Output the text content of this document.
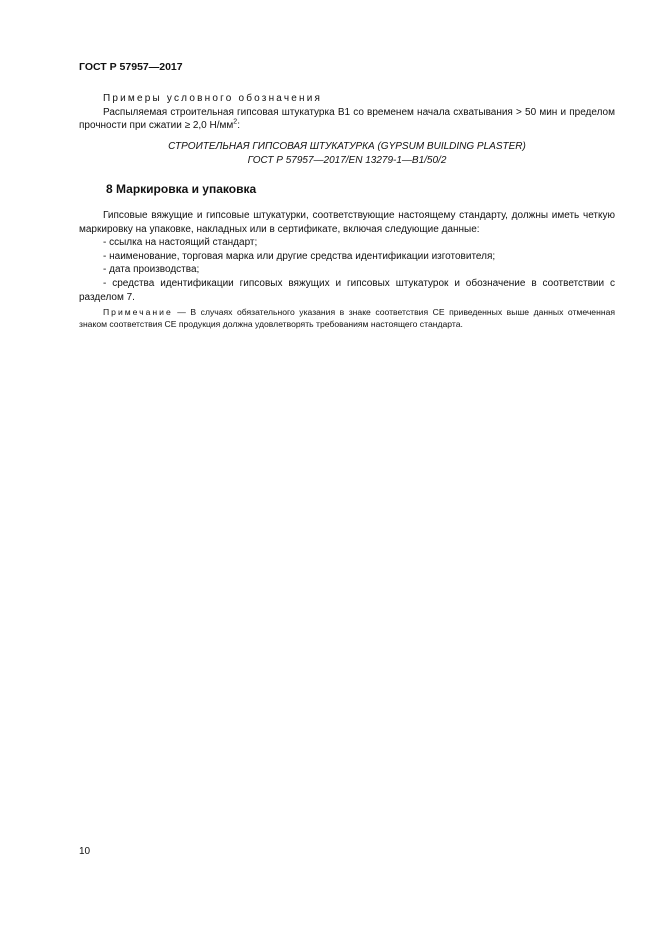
ГОСТ Р 57957—2017

Примеры условного обозначения

Распыляемая строительная гипсовая штукатурка В1 со временем начала схватывания > 50 мин и пределом прочности при сжатии ≥ 2,0 $Н/мм^2$:

СТРОИТЕЛЬНАЯ ГИПСОВАЯ ШТУКАТУРКА (GYPSUM BUILDING PLASTER)

ГОСТ Р 57957—2017/EN 13279-1—В1/50/2

8 Маркировка и упаковка

Гипсовые вяжущие и гипсовые штукатурки, соответствующие настоящему стандарту, должны иметь четкую маркировку на упаковке, накладных или в сертификате, включая следующие данные:

- ссылка на настоящий стандарт;

- наименование, торговая марка или другие средства идентификации изготовителя;

- дата производства;

- средства идентификации гипсовых вяжущих и гипсовых штукатурок и обозначение в соответствии с разделом 7.

Примечание — В случаях обязательного указания в знаке соответствия СЕ приведенных выше данных отмеченная знаком соответствия СЕ продукция должна удовлетворять требованиям настоящего стандарта.

10
